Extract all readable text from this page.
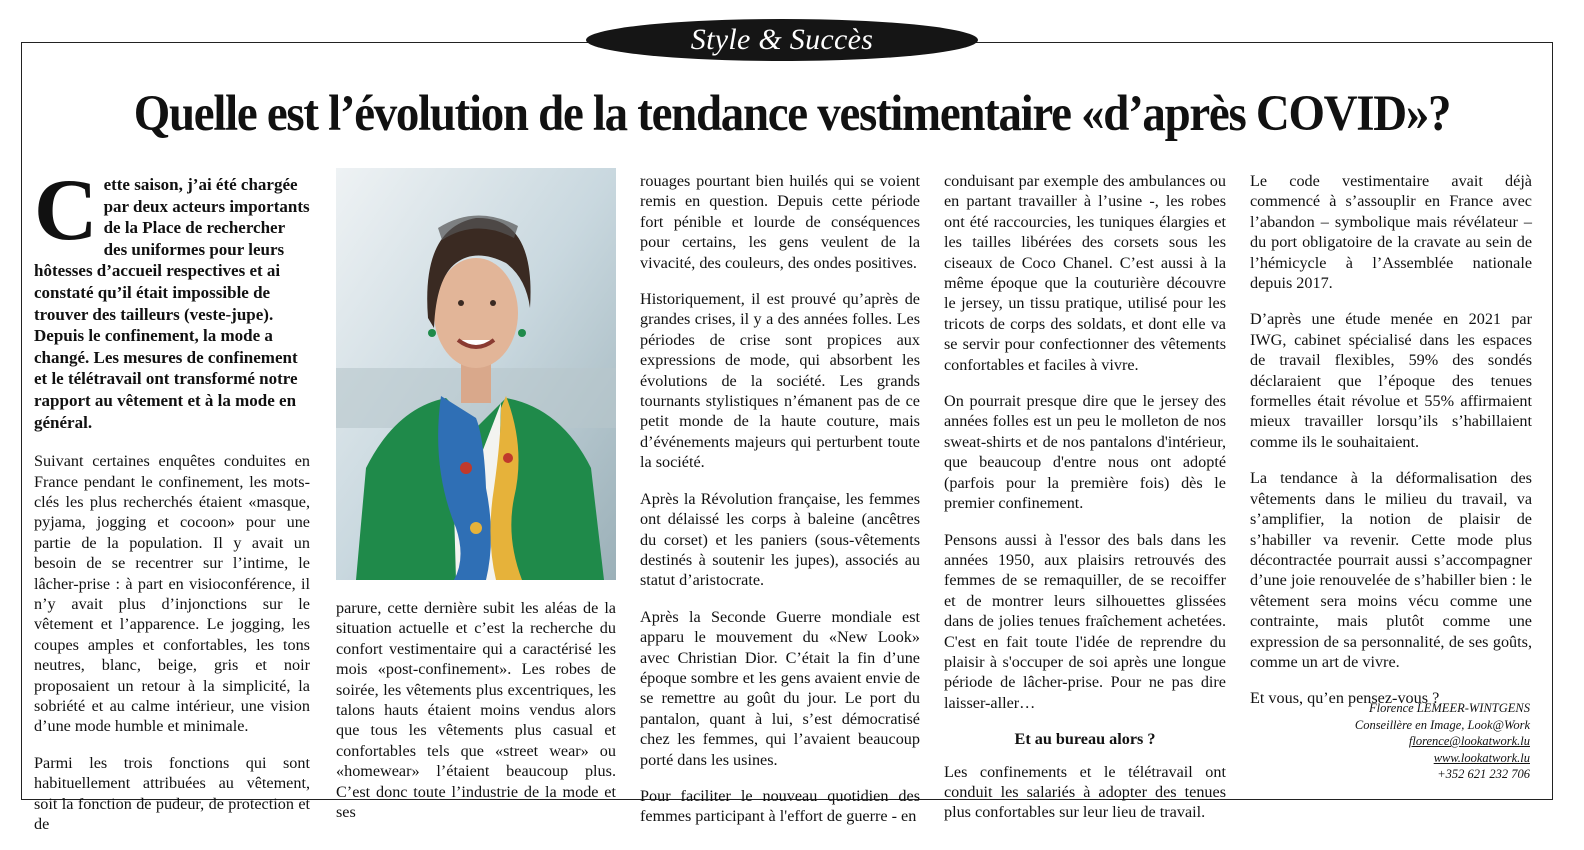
Style & Succès
Quelle est l’évolution de la tendance vestimentaire «d’après COVID»?

Cette saison, j’ai été chargée par deux acteurs importants de la Place de rechercher des uniformes pour leurs hôtesses d’accueil respectives et ai constaté qu’il était impossible de trouver des tailleurs (veste-jupe). Depuis le confinement, la mode a changé. Les mesures de confinement et le télétravail ont transformé notre rapport au vêtement et à la mode en général.

Suivant certaines enquêtes conduites en France pendant le confinement, les mots-clés les plus recherchés étaient «masque, pyjama, jogging et cocoon» pour une partie de la population. Il y avait un besoin de se recentrer sur l’intime, le lâcher-prise : à part en visioconférence, il n’y avait plus d’injonctions sur le vêtement et l’apparence. Le jogging, les coupes amples et confortables, les tons neutres, blanc, beige, gris et noir proposaient un retour à la simplicité, la sobriété et au calme intérieur, une vision d’une mode humble et minimale.

Parmi les trois fonctions qui sont habituellement attribuées au vêtement, soit la fonction de pudeur, de protection et de

parure, cette dernière subit les aléas de la situation actuelle et c’est la recherche du confort vestimentaire qui a caractérisé les mois «post-confinement». Les robes de soirée, les vêtements plus excentriques, les talons hauts étaient moins vendus alors que tous les vêtements plus casual et confortables tels que «street wear» ou «homewear» l’étaient beaucoup plus. C’est donc toute l’industrie de la mode et ses

rouages pourtant bien huilés qui se voient remis en question. Depuis cette période fort pénible et lourde de conséquences pour certains, les gens veulent de la vivacité, des couleurs, des ondes positives.

Historiquement, il est prouvé qu’après de grandes crises, il y a des années folles. Les périodes de crise sont propices aux expressions de mode, qui absorbent les évolutions de la société. Les grands tournants stylistiques n’émanent pas de ce petit monde de la haute couture, mais d’événements majeurs qui perturbent toute la société.

Après la Révolution française, les femmes ont délaissé les corps à baleine (ancêtres du corset) et les paniers (sous-vêtements destinés à soutenir les jupes), associés au statut d’aristocrate.

Après la Seconde Guerre mondiale est apparu le mouvement du «New Look» avec Christian Dior. C’était la fin d’une époque sombre et les gens avaient envie de se remettre au goût du jour. Le port du pantalon, quant à lui, s’est démocratisé chez les femmes, qui l’avaient beaucoup porté dans les usines.

Pour faciliter le nouveau quotidien des femmes participant à l'effort de guerre - en

conduisant par exemple des ambulances ou en partant travailler à l’usine -, les robes ont été raccourcies, les tuniques élargies et les tailles libérées des corsets sous les ciseaux de Coco Chanel. C’est aussi à la même époque que la couturière découvre le jersey, un tissu pratique, utilisé pour les tricots de corps des soldats, et dont elle va se servir pour confectionner des vêtements confortables et faciles à vivre.

On pourrait presque dire que le jersey des années folles est un peu le molleton de nos sweat-shirts et de nos pantalons d'intérieur, que beaucoup d'entre nous ont adopté (parfois pour la première fois) dès le premier confinement.

Pensons aussi à l'essor des bals dans les années 1950, aux plaisirs retrouvés des femmes de se remaquiller, de se recoiffer et de montrer leurs silhouettes glissées dans de jolies tenues fraîchement achetées. C'est en fait toute l'idée de reprendre du plaisir à s'occuper de soi après une longue période de lâcher-prise. Pour ne pas dire laisser-aller…

Et au bureau alors ?

Les confinements et le télétravail ont conduit les salariés à adopter des tenues plus confortables sur leur lieu de travail.

Le code vestimentaire avait déjà commencé à s’assouplir en France avec l’abandon – symbolique mais révélateur – du port obligatoire de la cravate au sein de l’hémicycle à l’Assemblée nationale depuis 2017.

D’après une étude menée en 2021 par IWG, cabinet spécialisé dans les espaces de travail flexibles, 59% des sondés déclaraient que l’époque des tenues formelles était révolue et 55% affirmaient mieux travailler lorsqu’ils s’habillaient comme ils le souhaitaient.

La tendance à la déformalisation des vêtements dans le milieu du travail, va s’amplifier, la notion de plaisir de s’habiller va revenir. Cette mode plus décontractée pourrait aussi s’accompagner d’une joie renouvelée de s’habiller bien : le vêtement sera moins vécu comme une contrainte, mais plutôt comme une expression de sa personnalité, de ses goûts, comme un art de vivre.

Et vous, qu’en pensez-vous ?

Florence LEMEER-WINTGENS
Conseillère en Image, Look@Work
florence@lookatwork.lu
www.lookatwork.lu
+352 621 232 706
